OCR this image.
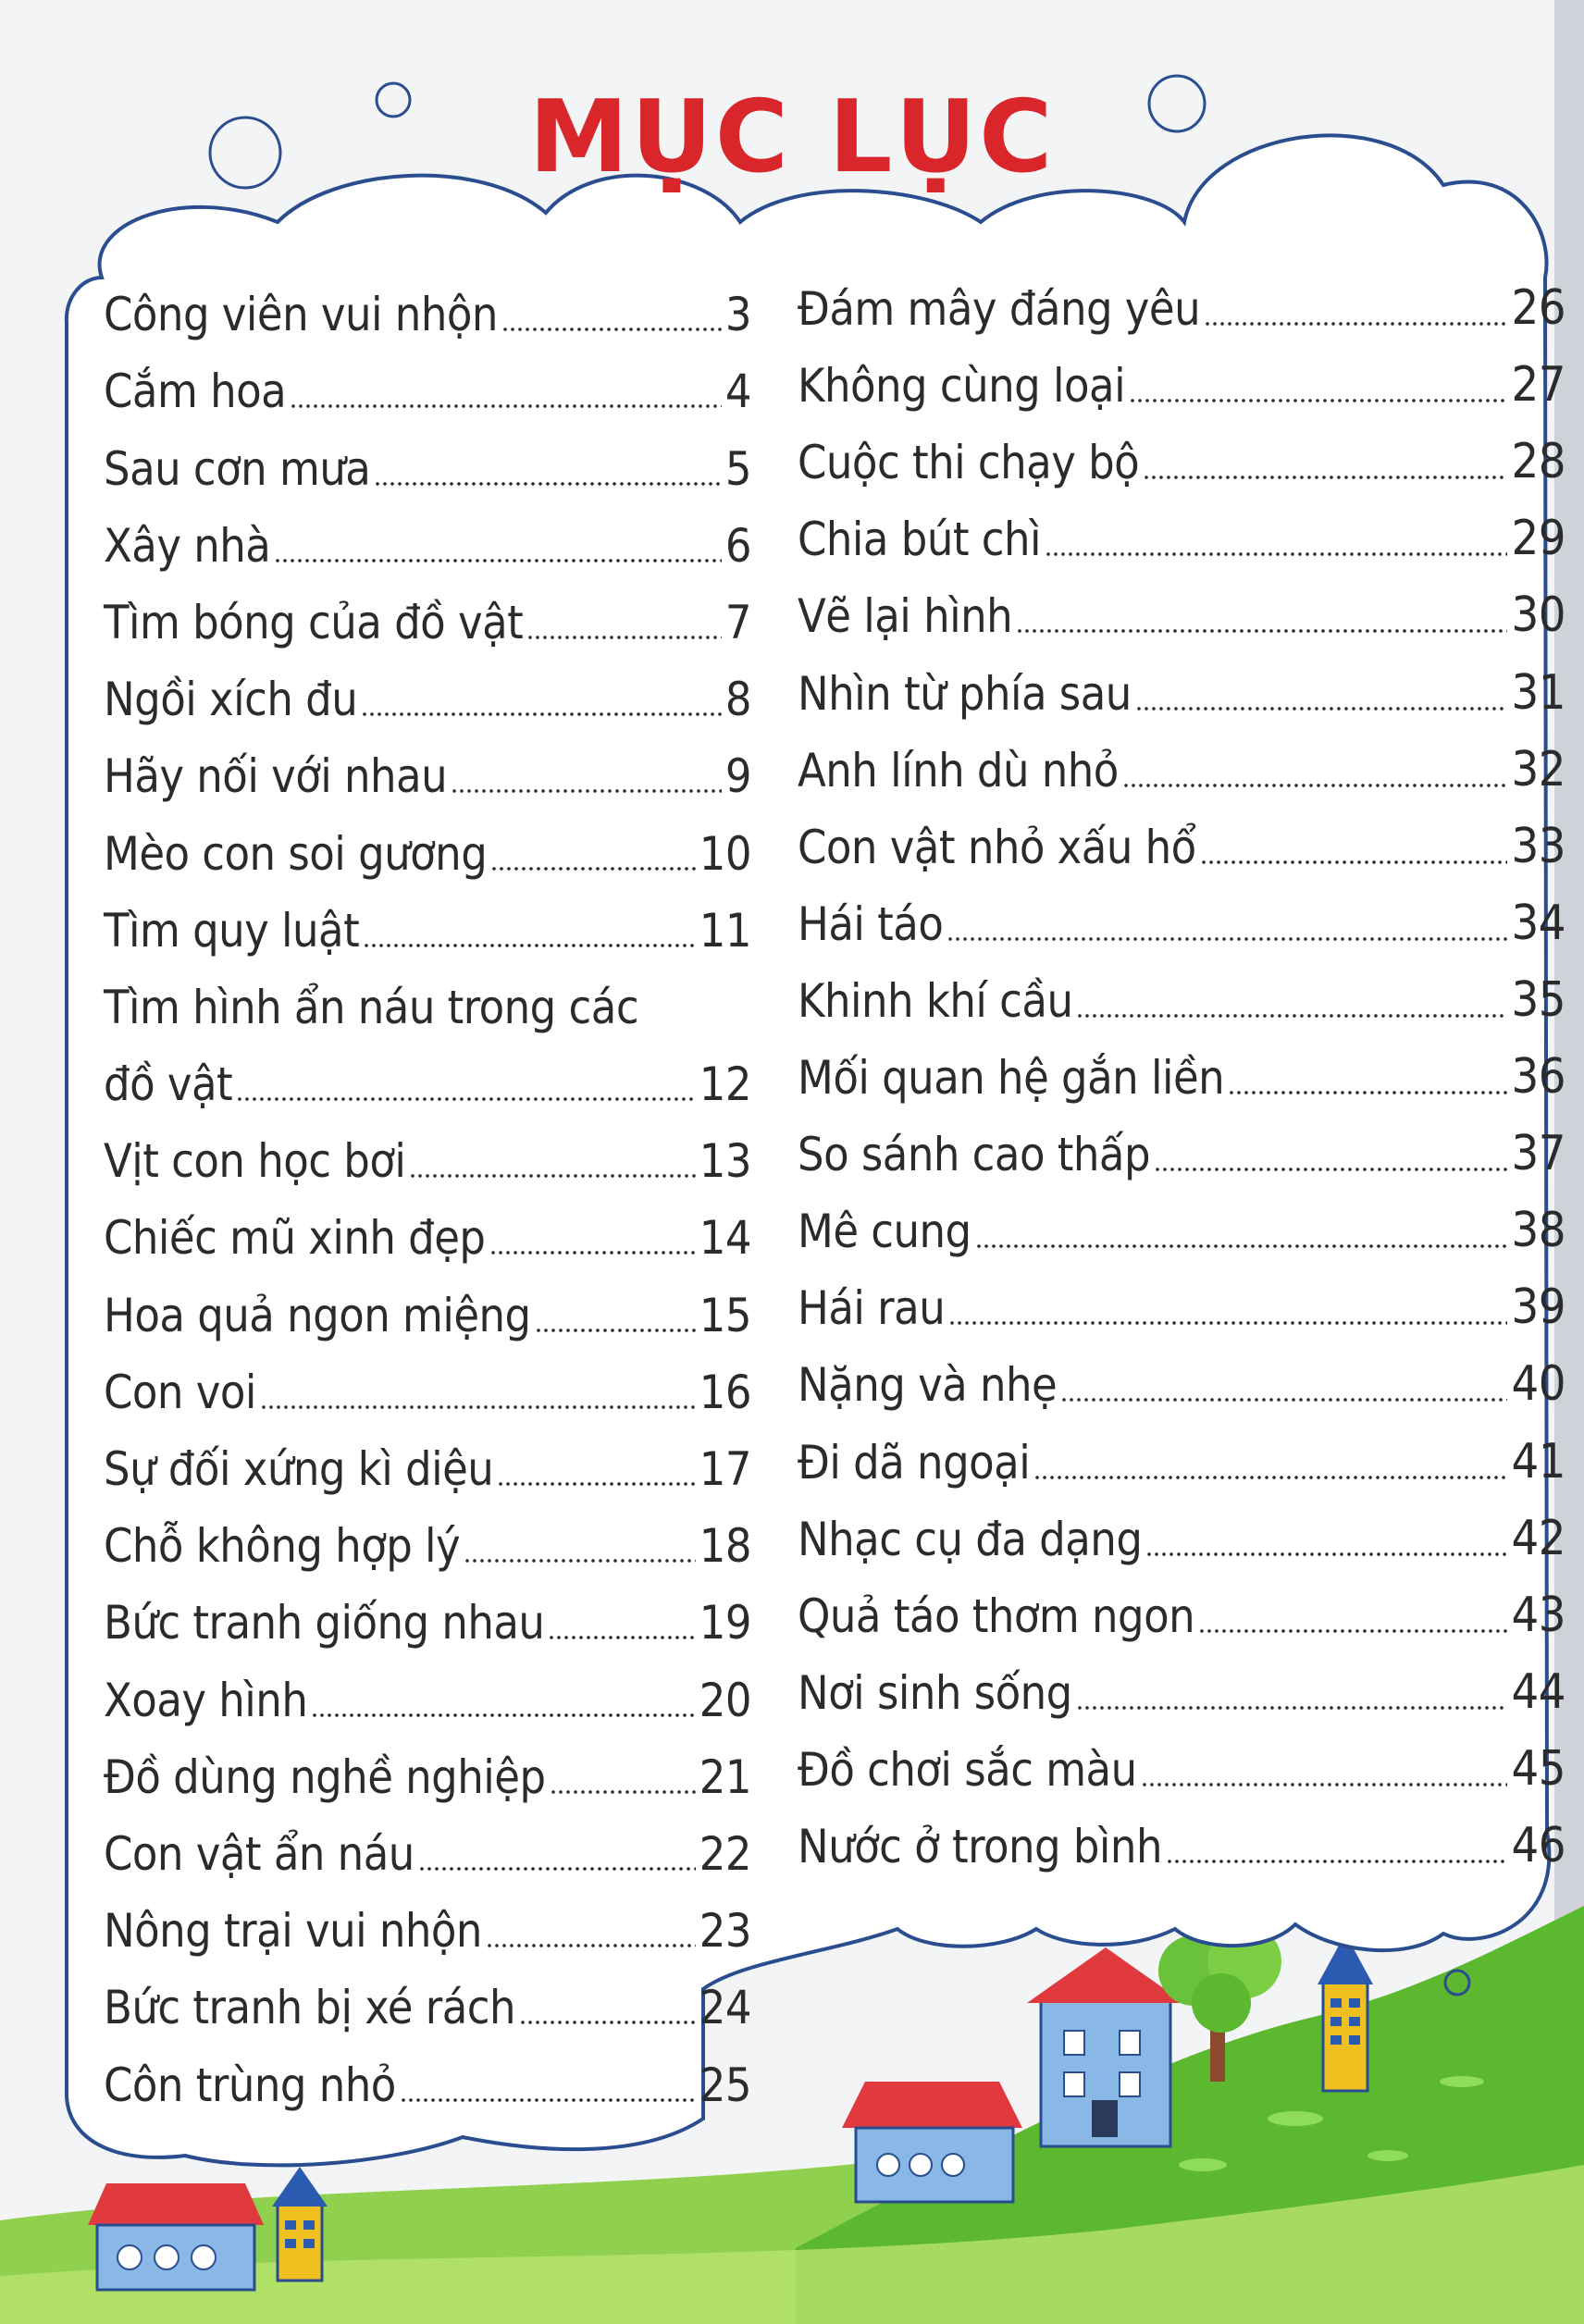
MỤC LỤC
Công viên vui nhộn	3
Cắm hoa	4
Sau cơn mưa	5
Xây nhà	6
Tìm bóng của đồ vật	7
Ngồi xích đu	8
Hãy nối với nhau	9
Mèo con soi gương	10
Tìm quy luật	11
Tìm hình ẩn náu trong các
đồ vật	12
Vịt con học bơi	13
Chiếc mũ xinh đẹp	14
Hoa quả ngon miệng	15
Con voi	16
Sự đối xứng kì diệu	17
Chỗ không hợp lý	18
Bức tranh giống nhau	19
Xoay hình	20
Đồ dùng nghề nghiệp	21
Con vật ẩn náu	22
Nông trại vui nhộn	23
Bức tranh bị xé rách	24
Côn trùng nhỏ	25
Đám mây đáng yêu	26
Không cùng loại	27
Cuộc thi chạy bộ	28
Chia bút chì	29
Vẽ lại hình	30
Nhìn từ phía sau	31
Anh lính dù nhỏ	32
Con vật nhỏ xấu hổ	33
Hái táo	34
Khinh khí cầu	35
Mối quan hệ gắn liền	36
So sánh cao thấp	37
Mê cung	38
Hái rau	39
Nặng và nhẹ	40
Đi dã ngoại	41
Nhạc cụ đa dạng	42
Quả táo thơm ngon	43
Nơi sinh sống	44
Đồ chơi sắc màu	45
Nước ở trong bình	46
